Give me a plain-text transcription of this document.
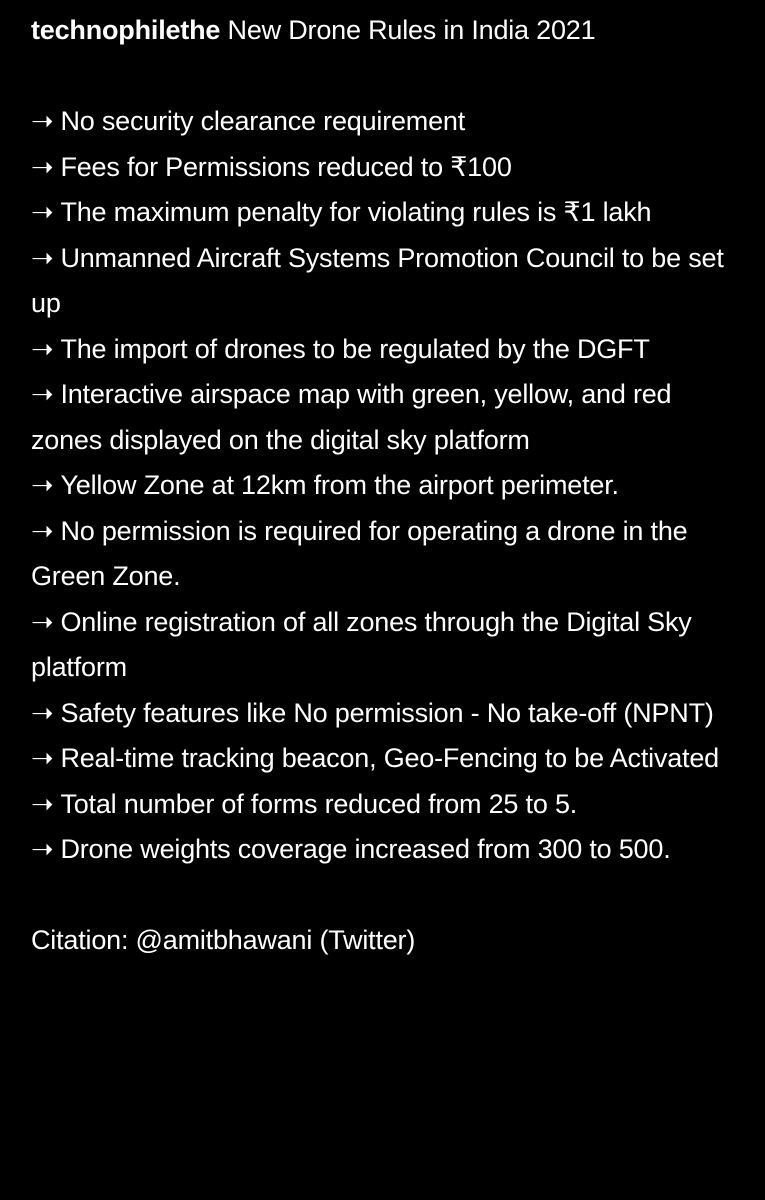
technophilethe New Drone Rules in India 2021
➝ No security clearance requirement
➝ Fees for Permissions reduced to ₹100
➝ The maximum penalty for violating rules is ₹1 lakh
➝ Unmanned Aircraft Systems Promotion Council to be set up
➝ The import of drones to be regulated by the DGFT
➝ Interactive airspace map with green, yellow, and red zones displayed on the digital sky platform
➝ Yellow Zone at 12km from the airport perimeter.
➝ No permission is required for operating a drone in the Green Zone.
➝ Online registration of all zones through the Digital Sky platform
➝ Safety features like No permission - No take-off (NPNT)
➝ Real-time tracking beacon, Geo-Fencing to be Activated
➝ Total number of forms reduced from 25 to 5.
➝ Drone weights coverage increased from 300 to 500.
Citation: @amitbhawani (Twitter)
